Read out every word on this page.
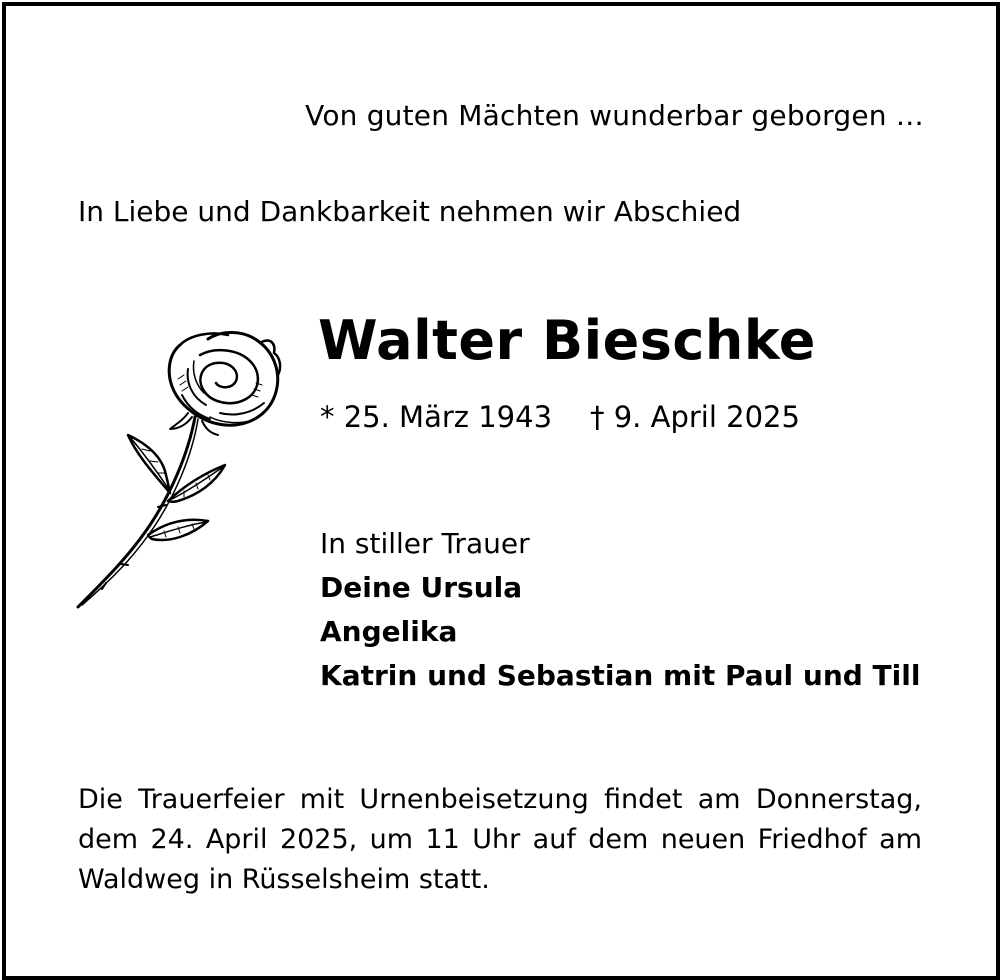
Von guten Mächten wunderbar geborgen …
In Liebe und Dankbarkeit nehmen wir Abschied
Walter Bieschke
* 25. März 1943 † 9. April 2025
In stiller Trauer
Deine Ursula
Angelika
Katrin und Sebastian mit Paul und Till
Die Trauerfeier mit Urnenbeisetzung findet am Donnerstag, dem 24. April 2025, um 11 Uhr auf dem neuen Friedhof am Waldweg in Rüsselsheim statt.
